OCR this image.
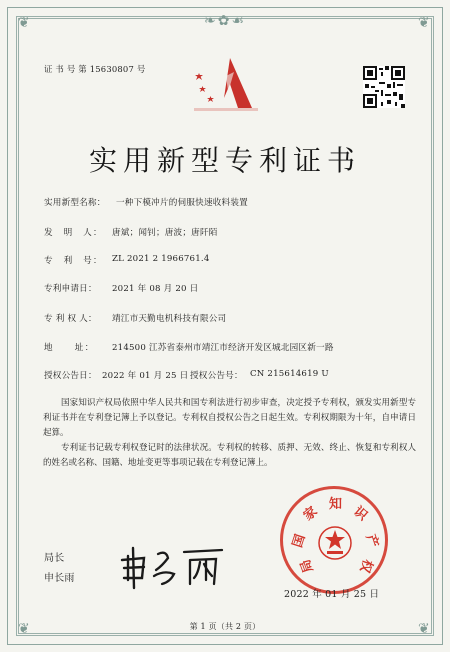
❦	❦
❦	❦
❧✿☙
证 书 号 第 15630807 号
实用新型专利证书
实用新型名称： 一种下模冲片的伺服快速收料装置
发　明　人： 唐斌；闻钊；唐波；唐阡陌
专　利　号： ZL 2021 2 1966761.4
专利申请日： 2021 年 08 月 20 日
专 利 权 人： 靖江市天勤电机科技有限公司
地　　址： 214500 江苏省泰州市靖江市经济开发区城北园区新一路
授权公告日： 2022 年 01 月 25 日 授权公告号： CN 215614619 U
国家知识产权局依照中华人民共和国专利法进行初步审查，决定授予专利权，颁发实用新型专利证书并在专利登记簿上予以登记。专利权自授权公告之日起生效。专利权期限为十年，自申请日起算。
专利证书记载专利权登记时的法律状况。专利权的转移、质押、无效、终止、恢复和专利权人的姓名或名称、国籍、地址变更等事项记载在专利登记簿上。
局长
申长雨
国
家 知 识
产
权
局
2022 年 01 月 25 日
第 1 页（共 2 页）
